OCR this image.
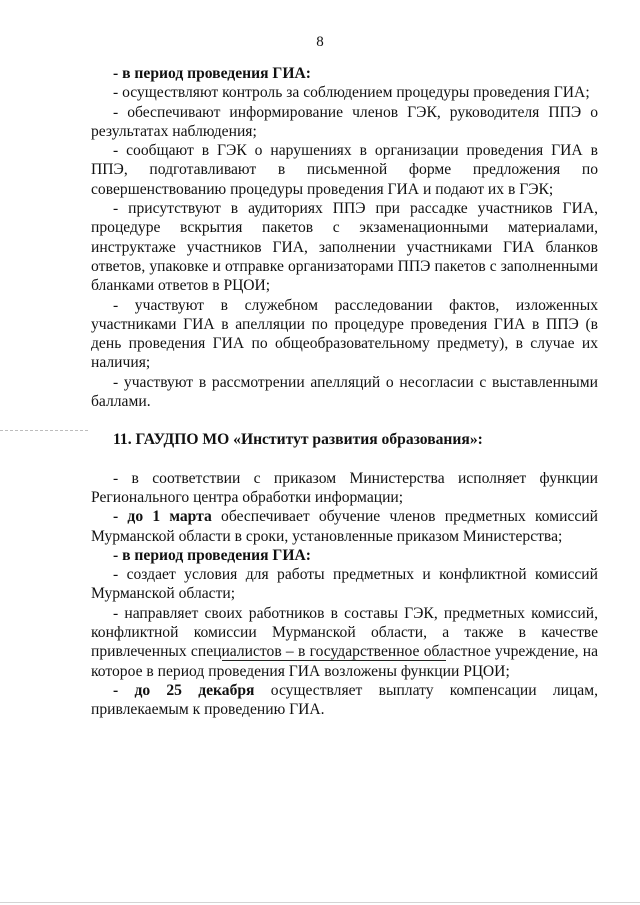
8

- в период проведения ГИА:

- осуществляют контроль за соблюдением процедуры проведения ГИА;

- обеспечивают информирование членов ГЭК, руководителя ППЭ о результатах наблюдения;

- сообщают в ГЭК о нарушениях в организации проведения ГИА в ППЭ, подготавливают в письменной форме предложения по совершенствованию процедуры проведения ГИА и подают их в ГЭК;

- присутствуют в аудиториях ППЭ при рассадке участников ГИА, процедуре вскрытия пакетов с экзаменационными материалами, инструктаже участников ГИА, заполнении участниками ГИА бланков ответов, упаковке и отправке организаторами ППЭ пакетов с заполненными бланками ответов в РЦОИ;

- участвуют в служебном расследовании фактов, изложенных участниками ГИА в апелляции по процедуре проведения ГИА в ППЭ (в день проведения ГИА по общеобразовательному предмету), в случае их наличия;

- участвуют в рассмотрении апелляций о несогласии с выставленными баллами.

11. ГАУДПО МО «Институт развития образования»:

- в соответствии с приказом Министерства исполняет функции Регионального центра обработки информации;

- до 1 марта обеспечивает обучение членов предметных комиссий Мурманской области в сроки, установленные приказом Министерства;

- в период проведения ГИА:

- создает условия для работы предметных и конфликтной комиссий Мурманской области;

- направляет своих работников в составы ГЭК, предметных комиссий, конфликтной комиссии Мурманской области, а также в качестве привлеченных специалистов – в государственное областное учреждение, на которое в период проведения ГИА возложены функции РЦОИ;

- до 25 декабря осуществляет выплату компенсации лицам, привлекаемым к проведению ГИА.
